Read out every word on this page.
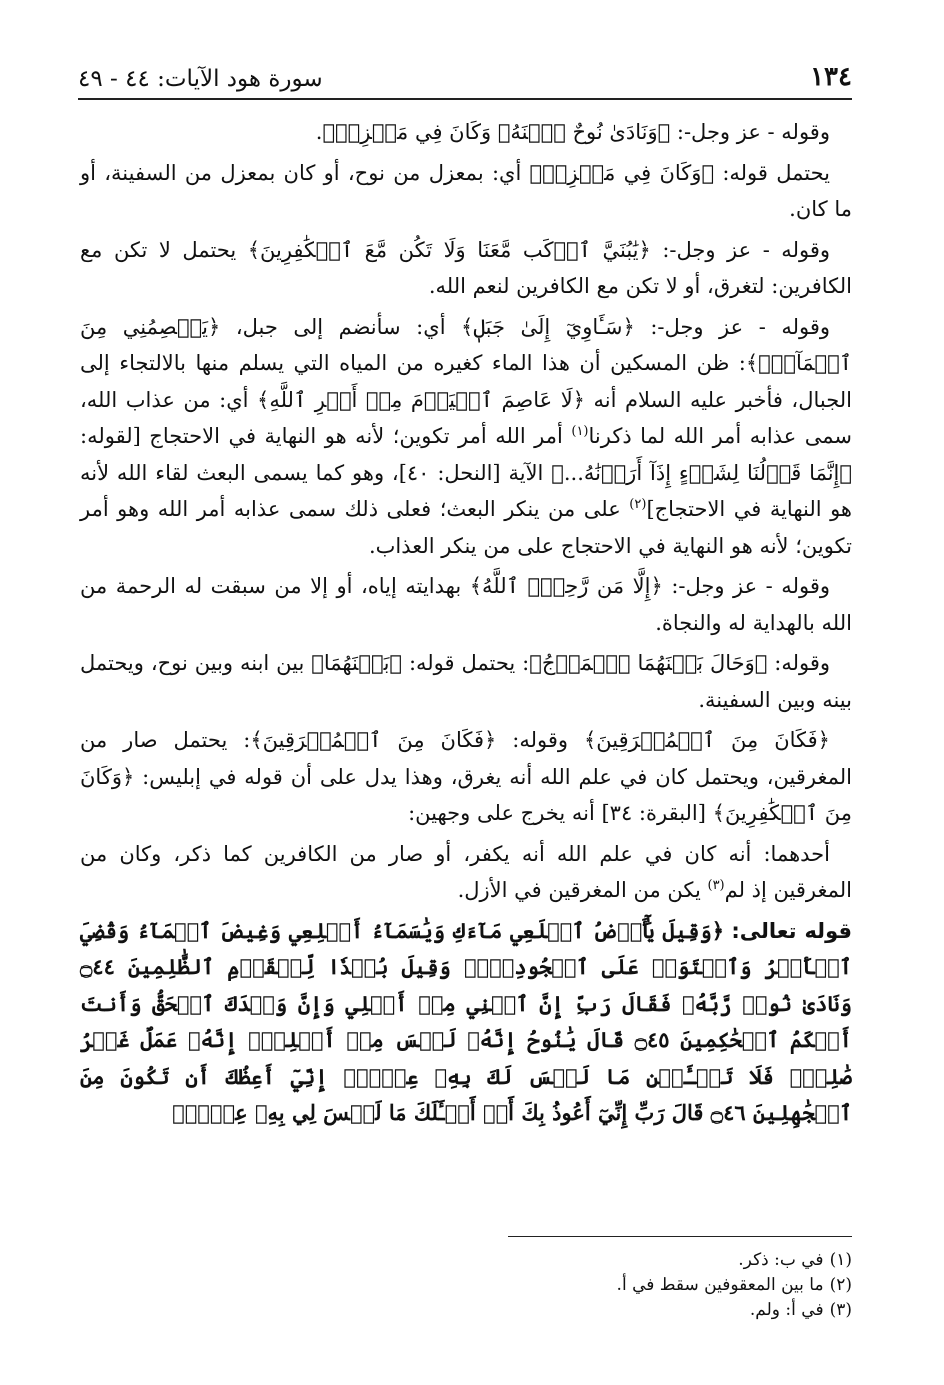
١٣٤
سورة هود الآيات: ٤٤ - ٤٩

وقوله - عز وجل-: ﴿وَنَادَىٰ نُوحٌ ٱبۡنَهُۥ وَكَانَ فِي مَعۡزِلٖ﴾.

يحتمل قوله: ﴿وَكَانَ فِي مَعۡزِلٖ﴾ أي: بمعزل من نوح، أو كان بمعزل من السفينة، أو ما كان.

وقوله - عز وجل-: ﴿يَٰبُنَيَّ ٱرۡكَب مَّعَنَا وَلَا تَكُن مَّعَ ٱلۡكَٰفِرِينَ﴾ يحتمل لا تكن مع الكافرين: لتغرق، أو لا تكن مع الكافرين لنعم الله.

وقوله - عز وجل-: ﴿سَـَٔاوِيٓ إِلَىٰ جَبَلٖ﴾ أي: سأنضم إلى جبل، ﴿يَعۡصِمُنِي مِنَ ٱلۡمَآءِۚ﴾: ظن المسكين أن هذا الماء كغيره من المياه التي يسلم منها بالالتجاء إلى الجبال، فأخبر عليه السلام أنه ﴿لَا عَاصِمَ ٱلۡيَوۡمَ مِنۡ أَمۡرِ ٱللَّهِ﴾ أي: من عذاب الله، سمى عذابه أمر الله لما ذكرنا$^{(١)}$ أمر الله أمر تكوين؛ لأنه هو النهاية في الاحتجاج [لقوله: ﴿إِنَّمَا قَوۡلُنَا لِشَيۡءٍ إِذَآ أَرَدۡنَٰهُ...﴾ الآية [النحل: ٤٠]، وهو كما يسمى البعث لقاء الله لأنه هو النهاية في الاحتجاج]$^{(٢)}$ على من ينكر البعث؛ فعلى ذلك سمى عذابه أمر الله وهو أمر تكوين؛ لأنه هو النهاية في الاحتجاج على من ينكر العذاب.

وقوله - عز وجل-: ﴿إِلَّا مَن رَّحِمَۚ ٱللَّهُ﴾ بهدايته إياه، أو إلا من سبقت له الرحمة من الله بالهداية له والنجاة.

وقوله: ﴿وَحَالَ بَيۡنَهُمَا ٱلۡمَوۡجُ﴾: يحتمل قوله: ﴿بَيۡنَهُمَا﴾ بين ابنه وبين نوح، ويحتمل بينه وبين السفينة.

﴿فَكَانَ مِنَ ٱلۡمُغۡرَقِينَ﴾ وقوله: ﴿فَكَانَ مِنَ ٱلۡمُغۡرَقِينَ﴾: يحتمل صار من المغرقين، ويحتمل كان في علم الله أنه يغرق، وهذا يدل على أن قوله في إبليس: ﴿وَكَانَ مِنَ ٱلۡكَٰفِرِينَ﴾ [البقرة: ٣٤] أنه يخرج على وجهين:

أحدهما: أنه كان في علم الله أنه يكفر، أو صار من الكافرين كما ذكر، وكان من المغرقين إذ لم$^{(٣)}$ يكن من المغرقين في الأزل.

قوله تعالى: ﴿وَقِيلَ يَٰٓأَرۡضُ ٱبۡلَعِي مَآءَكِ وَيَٰسَمَآءُ أَقۡلِعِي وَغِيضَ ٱلۡمَآءُ وَقُضِيَ ٱلۡأَمۡرُ وَٱسۡتَوَتۡ عَلَى ٱلۡجُودِيِّۖ وَقِيلَ بُعۡدٗا لِّلۡقَوۡمِ ٱلظَّٰلِمِينَ ۝٤٤ وَنَادَىٰ نُوحٞ رَّبَّهُۥ فَقَالَ رَبِّ إِنَّ ٱبۡنِي مِنۡ أَهۡلِي وَإِنَّ وَعۡدَكَ ٱلۡحَقُّ وَأَنتَ أَحۡكَمُ ٱلۡحَٰكِمِينَ ۝٤٥ قَالَ يَٰنُوحُ إِنَّهُۥ لَيۡسَ مِنۡ أَهۡلِكَۖ إِنَّهُۥ عَمَلٌ غَيۡرُ صَٰلِحٖۖ فَلَا تَسۡـَٔلۡنِ مَا لَيۡسَ لَكَ بِهِۦ عِلۡمٌۖ إِنِّيٓ أَعِظُكَ أَن تَكُونَ مِنَ ٱلۡجَٰهِلِينَ ۝٤٦ قَالَ رَبِّ إِنِّيٓ أَعُوذُ بِكَ أَنۡ أَسۡـَٔلَكَ مَا لَيۡسَ لِي بِهِۦ عِلۡمٞۖ

(١)في ب: ذكر.
(٢)ما بين المعقوفين سقط في أ.
(٣)في أ: ولم.
